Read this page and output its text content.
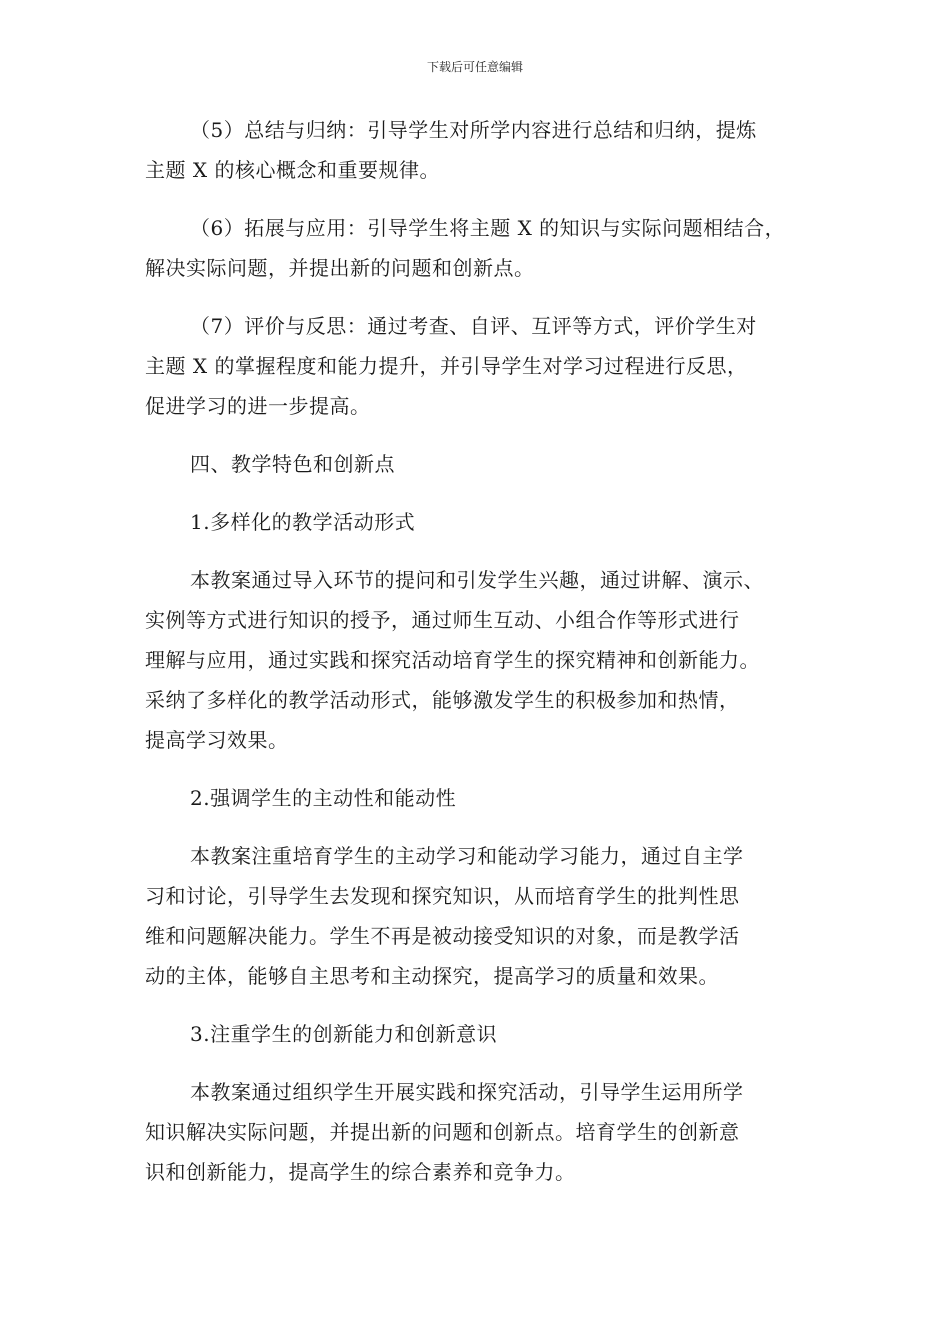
下载后可任意编辑
（5）总结与归纳：引导学生对所学内容进行总结和归纳，提炼
主题 X 的核心概念和重要规律。
（6）拓展与应用：引导学生将主题 X 的知识与实际问题相结合，
解决实际问题，并提出新的问题和创新点。
（7）评价与反思：通过考查、自评、互评等方式，评价学生对
主题 X 的掌握程度和能力提升，并引导学生对学习过程进行反思，
促进学习的进一步提高。
四、教学特色和创新点
1.多样化的教学活动形式
本教案通过导入环节的提问和引发学生兴趣，通过讲解、演示、
实例等方式进行知识的授予，通过师生互动、小组合作等形式进行
理解与应用，通过实践和探究活动培育学生的探究精神和创新能力。
采纳了多样化的教学活动形式，能够激发学生的积极参加和热情，
提高学习效果。
2.强调学生的主动性和能动性
本教案注重培育学生的主动学习和能动学习能力，通过自主学
习和讨论，引导学生去发现和探究知识，从而培育学生的批判性思
维和问题解决能力。学生不再是被动接受知识的对象，而是教学活
动的主体，能够自主思考和主动探究，提高学习的质量和效果。
3.注重学生的创新能力和创新意识
本教案通过组织学生开展实践和探究活动，引导学生运用所学
知识解决实际问题，并提出新的问题和创新点。培育学生的创新意
识和创新能力，提高学生的综合素养和竞争力。
